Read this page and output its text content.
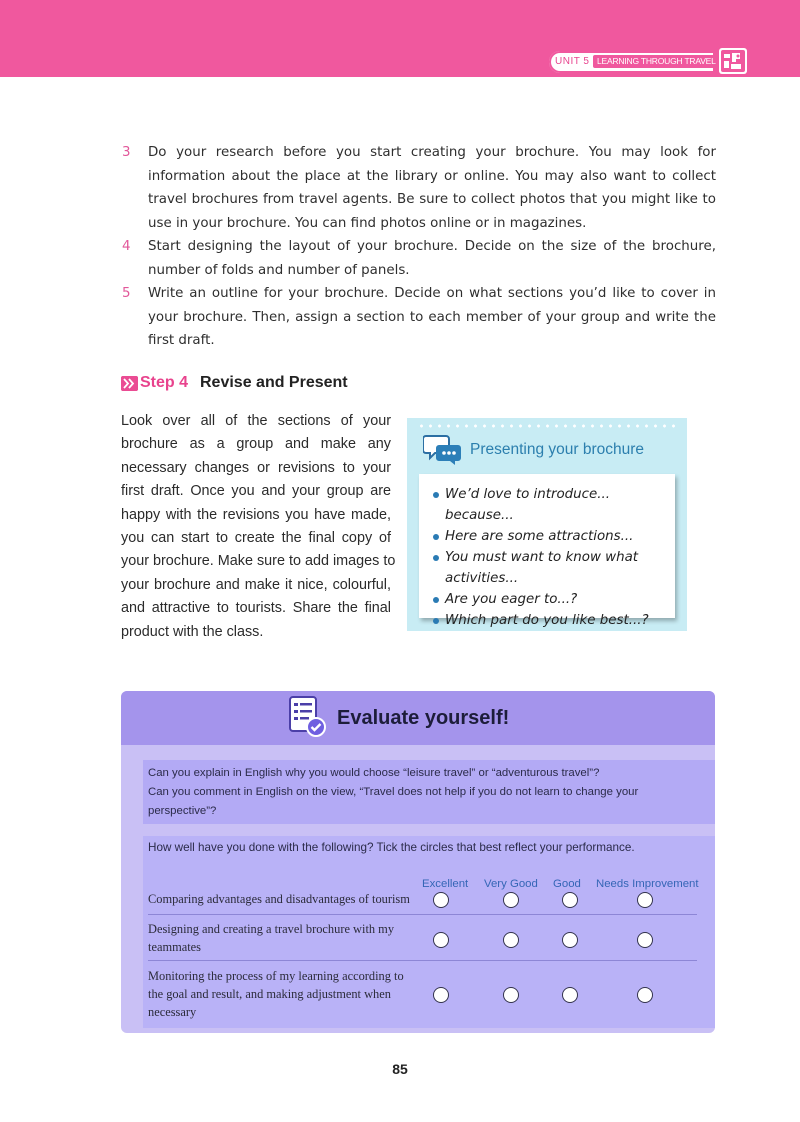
UNIT 5 LEARNING THROUGH TRAVEL
3 Do your research before you start creating your brochure. You may look for information about the place at the library or online. You may also want to collect travel brochures from travel agents. Be sure to collect photos that you might like to use in your brochure. You can find photos online or in magazines.
4 Start designing the layout of your brochure. Decide on the size of the brochure, number of folds and number of panels.
5 Write an outline for your brochure. Decide on what sections you’d like to cover in your brochure. Then, assign a section to each member of your group and write the first draft.
Step 4 Revise and Present
Look over all of the sections of your
brochure as a group and make any
necessary changes or revisions to your
first draft. Once you and your group are
happy with the revisions you have made,
you can start to create the final copy of
your brochure. Make sure to add images to
your brochure and make it nice, colourful,
and attractive to tourists. Share the final
product with the class.
Presenting your brochure
We’d love to introduce... because...
Here are some attractions...
You must want to know what activities...
Are you eager to...?
Which part do you like best...?
Evaluate yourself!
Can you explain in English why you would choose “leisure travel” or “adventurous travel”?
Can you comment in English on the view, “Travel does not help if you do not learn to change your
perspective”?
How well have you done with the following? Tick the circles that best reflect your performance.
Excellent Very Good Good Needs Improvement
Comparing advantages and disadvantages of tourism
Designing and creating a travel brochure with my
teammates
Monitoring the process of my learning according to
the goal and result, and making adjustment when
necessary
85
